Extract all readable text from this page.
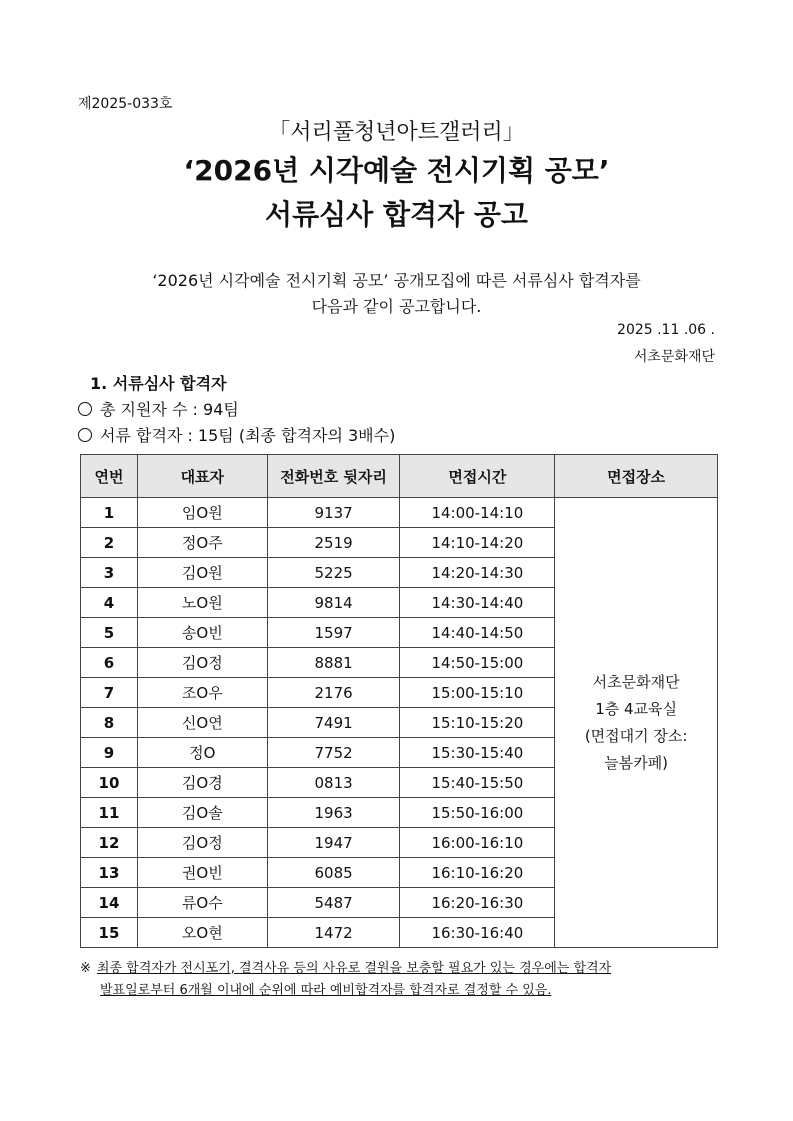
제2025-033호
「서리풀청년아트갤러리」
‘2026년 시각예술 전시기획 공모’
서류심사 합격자 공고
‘2026년 시각예술 전시기획 공모’ 공개모집에 따른 서류심사 합격자를
다음과 같이 공고합니다.
2025 .11 .06 .
서초문화재단
1. 서류심사 합격자
총 지원자 수 : 94팀
서류 합격자 : 15팀 (최종 합격자의 3배수)
연번	대표자	전화번호 뒷자리	면접시간	면접장소
1	임O원	9137	14:00-14:10	서초문화재단
1층 4교육실
(면접대기 장소:
늘봄카페)

2	정O주	2519	14:10-14:20	
3	김O원	5225	14:20-14:30	
4	노O원	9814	14:30-14:40	
5	송O빈	1597	14:40-14:50	
6	김O정	8881	14:50-15:00	
7	조O우	2176	15:00-15:10	
8	신O연	7491	15:10-15:20	
9	정O	7752	15:30-15:40	
10	김O경	0813	15:40-15:50	
11	김O솔	1963	15:50-16:00	
12	김O정	1947	16:00-16:10	
13	권O빈	6085	16:10-16:20	
14	류O수	5487	16:20-16:30	
15	오O현	1472	16:30-16:40	
※ 최종 합격자가 전시포기, 결격사유 등의 사유로 결원을 보충할 필요가 있는 경우에는 합격자
발표일로부터 6개월 이내에 순위에 따라 예비합격자를 합격자로 결정할 수 있음.
